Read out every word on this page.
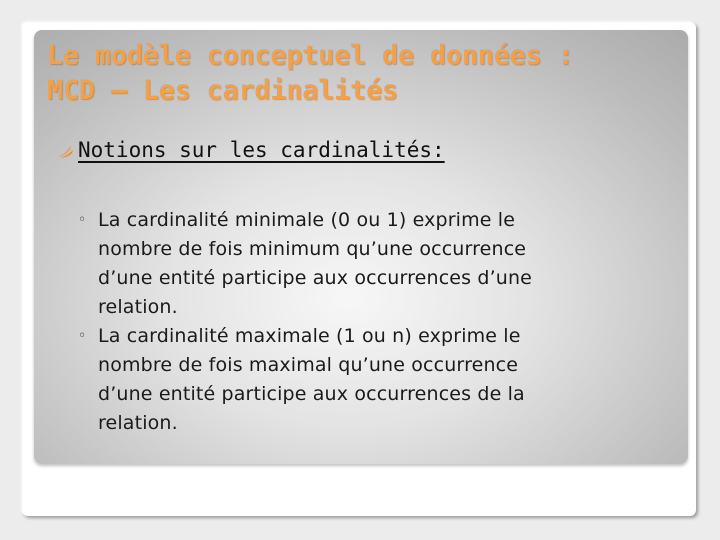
Le modèle conceptuel de données :
MCD – Les cardinalités
Notions sur les cardinalités:
◦ La cardinalité minimale (0 ou 1) exprime le
nombre de fois minimum qu’une occurrence
d’une entité participe aux occurrences d’une
relation.
◦ La cardinalité maximale (1 ou n) exprime le
nombre de fois maximal qu’une occurrence
d’une entité participe aux occurrences de la
relation.
